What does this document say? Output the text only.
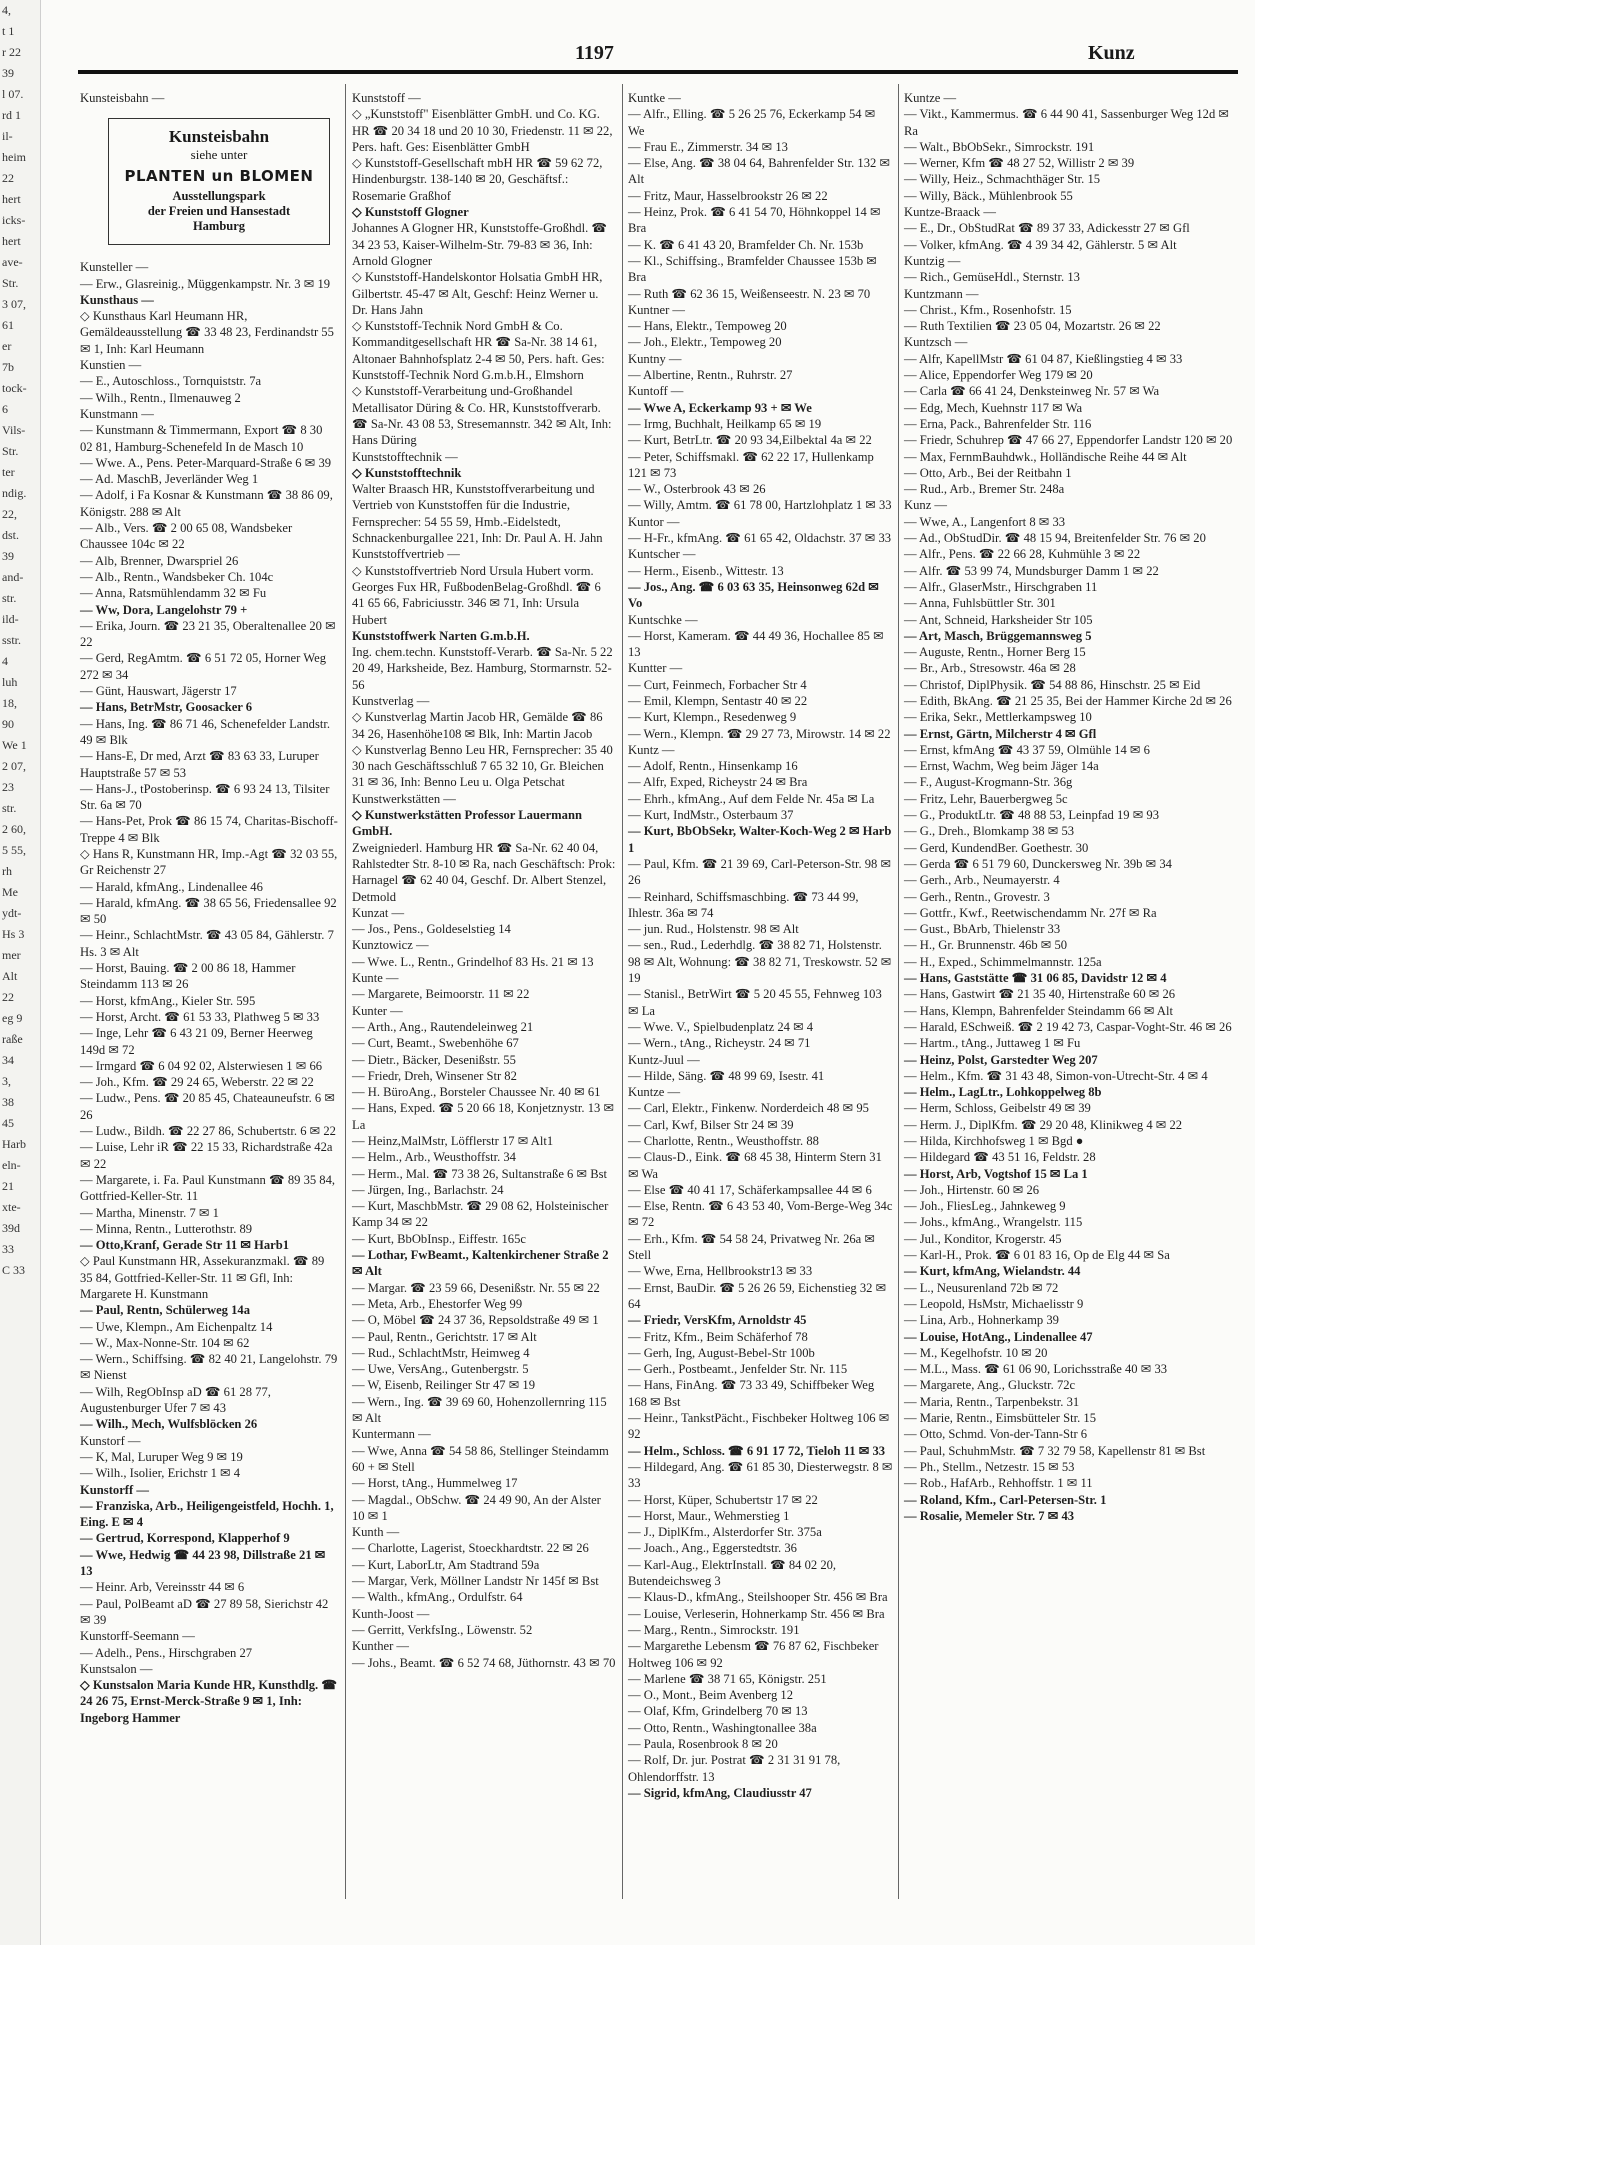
4,
t 1
r 22
39
l 07.
rd 1
il-
heim
22
hert
icks-
hert
ave-
Str.
3 07,
61
er
7b
tock-
6
Vils-
Str.
ter
ndig.
22,
dst.
39
and-
str.
ild-
sstr.
4
luh
18,
90
We 1
2 07,
23
str.
2 60,
5 55,
rh
Me
ydt-
Hs 3
mer
Alt
22
eg 9
raße
34
3,
38
45
Harb
eln-
21
xte-
39d
33
C 33
1197	Kunz
Kunsteisbahn —
Kunsteisbahn
siehe unter
PLANTEN un BLOMEN
Ausstellungspark
der Freien und Hansestadt
Hamburg
Kunsteller —
— Erw., Glasreinig., Müggenkampstr. Nr. 3 ✉ 19
Kunsthaus —
◇ Kunsthaus Karl Heumann HR, Gemäldeausstellung ☎ 33 48 23, Ferdinandstr 55 ✉ 1, Inh: Karl Heumann
Kunstien —
— E., Autoschloss., Tornquiststr. 7a
— Wilh., Rentn., Ilmenauweg 2
Kunstmann —
— Kunstmann & Timmermann, Export ☎ 8 30 02 81, Hamburg-Schenefeld In de Masch 10
— Wwe. A., Pens. Peter-Marquard-Straße 6 ✉ 39
— Ad. MaschB, Jeverländer Weg 1
— Adolf, i Fa Kosnar & Kunstmann ☎ 38 86 09, Königstr. 288 ✉ Alt
— Alb., Vers. ☎ 2 00 65 08, Wandsbeker Chaussee 104c ✉ 22
— Alb, Brenner, Dwarspriel 26
— Alb., Rentn., Wandsbeker Ch. 104c
— Anna, Ratsmühlendamm 32 ✉ Fu
— Ww, Dora, Langelohstr 79 +
— Erika, Journ. ☎ 23 21 35, Oberaltenallee 20 ✉ 22
— Gerd, RegAmtm. ☎ 6 51 72 05, Horner Weg 272 ✉ 34
— Günt, Hauswart, Jägerstr 17
— Hans, BetrMstr, Goosacker 6
— Hans, Ing. ☎ 86 71 46, Schenefelder Landstr. 49 ✉ Blk
— Hans-E, Dr med, Arzt ☎ 83 63 33, Luruper Hauptstraße 57 ✉ 53
— Hans-J., tPostoberinsp. ☎ 6 93 24 13, Tilsiter Str. 6a ✉ 70
— Hans-Pet, Prok ☎ 86 15 74, Charitas-Bischoff-Treppe 4 ✉ Blk
◇ Hans R, Kunstmann HR, Imp.-Agt ☎ 32 03 55, Gr Reichenstr 27
— Harald, kfmAng., Lindenallee 46
— Harald, kfmAng. ☎ 38 65 56, Friedensallee 92 ✉ 50
— Heinr., SchlachtMstr. ☎ 43 05 84, Gählerstr. 7 Hs. 3 ✉ Alt
— Horst, Bauing. ☎ 2 00 86 18, Hammer Steindamm 113 ✉ 26
— Horst, kfmAng., Kieler Str. 595
— Horst, Archt. ☎ 61 53 33, Plathweg 5 ✉ 33
— Inge, Lehr ☎ 6 43 21 09, Berner Heerweg 149d ✉ 72
— Irmgard ☎ 6 04 92 02, Alsterwiesen 1 ✉ 66
— Joh., Kfm. ☎ 29 24 65, Weberstr. 22 ✉ 22
— Ludw., Pens. ☎ 20 85 45, Chateauneufstr. 6 ✉ 26
— Ludw., Bildh. ☎ 22 27 86, Schubertstr. 6 ✉ 22
— Luise, Lehr iR ☎ 22 15 33, Richardstraße 42a ✉ 22
— Margarete, i. Fa. Paul Kunstmann ☎ 89 35 84, Gottfried-Keller-Str. 11
— Martha, Minenstr. 7 ✉ 1
— Minna, Rentn., Lutterothstr. 89
— Otto,Kranf, Gerade Str 11 ✉ Harb1
◇ Paul Kunstmann HR, Assekuranzmakl. ☎ 89 35 84, Gottfried-Keller-Str. 11 ✉ Gfl, Inh: Margarete H. Kunstmann
— Paul, Rentn, Schülerweg 14a
— Uwe, Klempn., Am Eichenpaltz 14
— W., Max-Nonne-Str. 104 ✉ 62
— Wern., Schiffsing. ☎ 82 40 21, Langelohstr. 79 ✉ Nienst
— Wilh, RegObInsp aD ☎ 61 28 77, Augustenburger Ufer 7 ✉ 43
— Wilh., Mech, Wulfsblöcken 26
Kunstorf —
— K, Mal, Luruper Weg 9 ✉ 19
— Wilh., Isolier, Erichstr 1 ✉ 4
Kunstorff —
— Franziska, Arb., Heiligengeistfeld, Hochh. 1, Eing. E ✉ 4
— Gertrud, Korrespond, Klapperhof 9
— Wwe, Hedwig ☎ 44 23 98, Dillstraße 21 ✉ 13
— Heinr. Arb, Vereinsstr 44 ✉ 6
— Paul, PolBeamt aD ☎ 27 89 58, Sierichstr 42 ✉ 39
Kunstorff-Seemann —
— Adelh., Pens., Hirschgraben 27
Kunstsalon —
◇ Kunstsalon Maria Kunde HR, Kunsthdlg. ☎ 24 26 75, Ernst-Merck-Straße 9 ✉ 1, Inh: Ingeborg Hammer
Kunststoff —
◇ „Kunststoff" Eisenblätter GmbH. und Co. KG. HR ☎ 20 34 18 und 20 10 30, Friedenstr. 11 ✉ 22, Pers. haft. Ges: Eisenblätter GmbH
◇ Kunststoff-Gesellschaft mbH HR ☎ 59 62 72, Hindenburgstr. 138-140 ✉ 20, Geschäftsf.: Rosemarie Graßhof
◇ Kunststoff Glogner
Johannes A Glogner HR, Kunststoffe-Großhdl. ☎ 34 23 53, Kaiser-Wilhelm-Str. 79-83 ✉ 36, Inh: Arnold Glogner
◇ Kunststoff-Handelskontor Holsatia GmbH HR, Gilbertstr. 45-47 ✉ Alt, Geschf: Heinz Werner u. Dr. Hans Jahn
◇ Kunststoff-Technik Nord GmbH & Co. Kommanditgesellschaft HR ☎ Sa-Nr. 38 14 61, Altonaer Bahnhofsplatz 2-4 ✉ 50, Pers. haft. Ges: Kunststoff-Technik Nord G.m.b.H., Elmshorn
◇ Kunststoff-Verarbeitung und-Großhandel Metallisator Düring & Co. HR, Kunststoffverarb. ☎ Sa-Nr. 43 08 53, Stresemannstr. 342 ✉ Alt, Inh: Hans Düring
Kunststofftechnik —
◇ Kunststofftechnik
Walter Braasch HR, Kunststoffverarbeitung und Vertrieb von Kunststoffen für die Industrie, Fernsprecher: 54 55 59, Hmb.-Eidelstedt, Schnackenburgallee 221, Inh: Dr. Paul A. H. Jahn
Kunststoffvertrieb —
◇ Kunststoffvertrieb Nord Ursula Hubert vorm. Georges Fux HR, FußbodenBelag-Großhdl. ☎ 6 41 65 66, Fabriciusstr. 346 ✉ 71, Inh: Ursula Hubert
Kunststoffwerk Narten G.m.b.H.
Ing. chem.techn. Kunststoff-Verarb. ☎ Sa-Nr. 5 22 20 49, Harksheide, Bez. Hamburg, Stormarnstr. 52-56
Kunstverlag —
◇ Kunstverlag Martin Jacob HR, Gemälde ☎ 86 34 26, Hasenhöhe108 ✉ Blk, Inh: Martin Jacob
◇ Kunstverlag Benno Leu HR, Fernsprecher: 35 40 30 nach Geschäftsschluß 7 65 32 10, Gr. Bleichen 31 ✉ 36, Inh: Benno Leu u. Olga Petschat
Kunstwerkstätten —
◇ Kunstwerkstätten Professor Lauermann GmbH.
Zweigniederl. Hamburg HR ☎ Sa-Nr. 62 40 04, Rahlstedter Str. 8-10 ✉ Ra, nach Geschäftsch: Prok: Harnagel ☎ 62 40 04, Geschf. Dr. Albert Stenzel, Detmold
Kunzat —
— Jos., Pens., Goldeselstieg 14
Kunztowicz —
— Wwe. L., Rentn., Grindelhof 83 Hs. 21 ✉ 13
Kunte —
— Margarete, Beimoorstr. 11 ✉ 22
Kunter —
— Arth., Ang., Rautendeleinweg 21
— Curt, Beamt., Swebenhöhe 67
— Dietr., Bäcker, Desenißstr. 55
— Friedr, Dreh, Winsener Str 82
— H. BüroAng., Borsteler Chaussee Nr. 40 ✉ 61
— Hans, Exped. ☎ 5 20 66 18, Konjetznystr. 13 ✉ La
— Heinz,MalMstr, Löfflerstr 17 ✉ Alt1
— Helm., Arb., Weusthoffstr. 34
— Herm., Mal. ☎ 73 38 26, Sultanstraße 6 ✉ Bst
— Jürgen, Ing., Barlachstr. 24
— Kurt, MaschbMstr. ☎ 29 08 62, Holsteinischer Kamp 34 ✉ 22
— Kurt, BbObInsp., Eiffestr. 165c
— Lothar, FwBeamt., Kaltenkirchener Straße 2 ✉ Alt
— Margar. ☎ 23 59 66, Desenißstr. Nr. 55 ✉ 22
— Meta, Arb., Ehestorfer Weg 99
— O, Möbel ☎ 24 37 36, Repsoldstraße 49 ✉ 1
— Paul, Rentn., Gerichtstr. 17 ✉ Alt
— Rud., SchlachtMstr, Heimweg 4
— Uwe, VersAng., Gutenbergstr. 5
— W, Eisenb, Reilinger Str 47 ✉ 19
— Wern., Ing. ☎ 39 69 60, Hohenzollernring 115 ✉ Alt
Kuntermann —
— Wwe, Anna ☎ 54 58 86, Stellinger Steindamm 60 + ✉ Stell
— Horst, tAng., Hummelweg 17
— Magdal., ObSchw. ☎ 24 49 90, An der Alster 10 ✉ 1
Kunth —
— Charlotte, Lagerist, Stoeckhardtstr. 22 ✉ 26
— Kurt, LaborLtr, Am Stadtrand 59a
— Margar, Verk, Möllner Landstr Nr 145f ✉ Bst
— Walth., kfmAng., Ordulfstr. 64
Kunth-Joost —
— Gerritt, VerkfsIng., Löwenstr. 52
Kunther —
— Johs., Beamt. ☎ 6 52 74 68, Jüthornstr. 43 ✉ 70
Kuntke —
— Alfr., Elling. ☎ 5 26 25 76, Eckerkamp 54 ✉ We
— Frau E., Zimmerstr. 34 ✉ 13
— Else, Ang. ☎ 38 04 64, Bahrenfelder Str. 132 ✉ Alt
— Fritz, Maur, Hasselbrookstr 26 ✉ 22
— Heinz, Prok. ☎ 6 41 54 70, Höhnkoppel 14 ✉ Bra
— K. ☎ 6 41 43 20, Bramfelder Ch. Nr. 153b
— Kl., Schiffsing., Bramfelder Chaussee 153b ✉ Bra
— Ruth ☎ 62 36 15, Weißenseestr. N. 23 ✉ 70
Kuntner —
— Hans, Elektr., Tempoweg 20
— Joh., Elektr., Tempoweg 20
Kuntny —
— Albertine, Rentn., Ruhrstr. 27
Kuntoff —
— Wwe A, Eckerkamp 93 + ✉ We
— Irmg, Buchhalt, Heilkamp 65 ✉ 19
— Kurt, BetrLtr. ☎ 20 93 34,Eilbektal 4a ✉ 22
— Peter, Schiffsmakl. ☎ 62 22 17, Hullenkamp 121 ✉ 73
— W., Osterbrook 43 ✉ 26
— Willy, Amtm. ☎ 61 78 00, Hartzlohplatz 1 ✉ 33
Kuntor —
— H-Fr., kfmAng. ☎ 61 65 42, Oldachstr. 37 ✉ 33
Kuntscher —
— Herm., Eisenb., Wittestr. 13
— Jos., Ang. ☎ 6 03 63 35, Heinsonweg 62d ✉ Vo
Kuntschke —
— Horst, Kameram. ☎ 44 49 36, Hochallee 85 ✉ 13
Kuntter —
— Curt, Feinmech, Forbacher Str 4
— Emil, Klempn, Sentastr 40 ✉ 22
— Kurt, Klempn., Resedenweg 9
— Wern., Klempn. ☎ 29 27 73, Mirowstr. 14 ✉ 22
Kuntz —
— Adolf, Rentn., Hinsenkamp 16
— Alfr, Exped, Richeystr 24 ✉ Bra
— Ehrh., kfmAng., Auf dem Felde Nr. 45a ✉ La
— Kurt, IndMstr., Osterbaum 37
— Kurt, BbObSekr, Walter-Koch-Weg 2 ✉ Harb 1
— Paul, Kfm. ☎ 21 39 69, Carl-Peterson-Str. 98 ✉ 26
— Reinhard, Schiffsmaschbing. ☎ 73 44 99, Ihlestr. 36a ✉ 74
— jun. Rud., Holstenstr. 98 ✉ Alt
— sen., Rud., Lederhdlg. ☎ 38 82 71, Holstenstr. 98 ✉ Alt, Wohnung: ☎ 38 82 71, Treskowstr. 52 ✉ 19
— Stanisl., BetrWirt ☎ 5 20 45 55, Fehnweg 103 ✉ La
— Wwe. V., Spielbudenplatz 24 ✉ 4
— Wern., tAng., Richeystr. 24 ✉ 71
Kuntz-Juul —
— Hilde, Säng. ☎ 48 99 69, Isestr. 41
Kuntze —
— Carl, Elektr., Finkenw. Norderdeich 48 ✉ 95
— Carl, Kwf, Bilser Str 24 ✉ 39
— Charlotte, Rentn., Weusthoffstr. 88
— Claus-D., Eink. ☎ 68 45 38, Hinterm Stern 31 ✉ Wa
— Else ☎ 40 41 17, Schäferkampsallee 44 ✉ 6
— Else, Rentn. ☎ 6 43 53 40, Vom-Berge-Weg 34c ✉ 72
— Erh., Kfm. ☎ 54 58 24, Privatweg Nr. 26a ✉ Stell
— Wwe, Erna, Hellbrookstr13 ✉ 33
— Ernst, BauDir. ☎ 5 26 26 59, Eichenstieg 32 ✉ 64
— Friedr, VersKfm, Arnoldstr 45
— Fritz, Kfm., Beim Schäferhof 78
— Gerh, Ing, August-Bebel-Str 100b
— Gerh., Postbeamt., Jenfelder Str. Nr. 115
— Hans, FinAng. ☎ 73 33 49, Schiffbeker Weg 168 ✉ Bst
— Heinr., TankstPächt., Fischbeker Holtweg 106 ✉ 92
— Helm., Schloss. ☎ 6 91 17 72, Tieloh 11 ✉ 33
— Hildegard, Ang. ☎ 61 85 30, Diesterwegstr. 8 ✉ 33
— Horst, Küper, Schubertstr 17 ✉ 22
— Horst, Maur., Wehmerstieg 1
— J., DiplKfm., Alsterdorfer Str. 375a
— Joach., Ang., Eggerstedtstr. 36
— Karl-Aug., ElektrInstall. ☎ 84 02 20, Butendeichsweg 3
— Klaus-D., kfmAng., Steilshooper Str. 456 ✉ Bra
— Louise, Verleserin, Hohnerkamp Str. 456 ✉ Bra
— Marg., Rentn., Simrockstr. 191
— Margarethe Lebensm ☎ 76 87 62, Fischbeker Holtweg 106 ✉ 92
— Marlene ☎ 38 71 65, Königstr. 251
— O., Mont., Beim Avenberg 12
— Olaf, Kfm, Grindelberg 70 ✉ 13
— Otto, Rentn., Washingtonallee 38a
— Paula, Rosenbrook 8 ✉ 20
— Rolf, Dr. jur. Postrat ☎ 2 31 31 91 78, Ohlendorffstr. 13
— Sigrid, kfmAng, Claudiusstr 47
Kuntze —
— Vikt., Kammermus. ☎ 6 44 90 41, Sassenburger Weg 12d ✉ Ra
— Walt., BbObSekr., Simrockstr. 191
— Werner, Kfm ☎ 48 27 52, Willistr 2 ✉ 39
— Willy, Heiz., Schmachthäger Str. 15
— Willy, Bäck., Mühlenbrook 55
Kuntze-Braack —
— E., Dr., ObStudRat ☎ 89 37 33, Adickesstr 27 ✉ Gfl
— Volker, kfmAng. ☎ 4 39 34 42, Gählerstr. 5 ✉ Alt
Kuntzig —
— Rich., GemüseHdl., Sternstr. 13
Kuntzmann —
— Christ., Kfm., Rosenhofstr. 15
— Ruth Textilien ☎ 23 05 04, Mozartstr. 26 ✉ 22
Kuntzsch —
— Alfr, KapellMstr ☎ 61 04 87, Kießlingstieg 4 ✉ 33
— Alice, Eppendorfer Weg 179 ✉ 20
— Carla ☎ 66 41 24, Denksteinweg Nr. 57 ✉ Wa
— Edg, Mech, Kuehnstr 117 ✉ Wa
— Erna, Pack., Bahrenfelder Str. 116
— Friedr, Schuhrep ☎ 47 66 27, Eppendorfer Landstr 120 ✉ 20
— Max, FernmBauhdwk., Holländische Reihe 44 ✉ Alt
— Otto, Arb., Bei der Reitbahn 1
— Rud., Arb., Bremer Str. 248a
Kunz —
— Wwe, A., Langenfort 8 ✉ 33
— Ad., ObStudDir. ☎ 48 15 94, Breitenfelder Str. 76 ✉ 20
— Alfr., Pens. ☎ 22 66 28, Kuhmühle 3 ✉ 22
— Alfr. ☎ 53 99 74, Mundsburger Damm 1 ✉ 22
— Alfr., GlaserMstr., Hirschgraben 11
— Anna, Fuhlsbüttler Str. 301
— Ant, Schneid, Harksheider Str 105
— Art, Masch, Brüggemannsweg 5
— Auguste, Rentn., Horner Berg 15
— Br., Arb., Stresowstr. 46a ✉ 28
— Christof, DiplPhysik. ☎ 54 88 86, Hinschstr. 25 ✉ Eid
— Edith, BkAng. ☎ 21 25 35, Bei der Hammer Kirche 2d ✉ 26
— Erika, Sekr., Mettlerkampsweg 10
— Ernst, Gärtn, Milcherstr 4 ✉ Gfl
— Ernst, kfmAng ☎ 43 37 59, Olmühle 14 ✉ 6
— Ernst, Wachm, Weg beim Jäger 14a
— F., August-Krogmann-Str. 36g
— Fritz, Lehr, Bauerbergweg 5c
— G., ProduktLtr. ☎ 48 88 53, Leinpfad 19 ✉ 93
— G., Dreh., Blomkamp 38 ✉ 53
— Gerd, KundendBer. Goethestr. 30
— Gerda ☎ 6 51 79 60, Dunckersweg Nr. 39b ✉ 34
— Gerh., Arb., Neumayerstr. 4
— Gerh., Rentn., Grovestr. 3
— Gottfr., Kwf., Reetwischendamm Nr. 27f ✉ Ra
— Gust., BbArb, Thielenstr 33
— H., Gr. Brunnenstr. 46b ✉ 50
— H., Exped., Schimmelmannstr. 125a
— Hans, Gaststätte ☎ 31 06 85, Davidstr 12 ✉ 4
— Hans, Gastwirt ☎ 21 35 40, Hirtenstraße 60 ✉ 26
— Hans, Klempn, Bahrenfelder Steindamm 66 ✉ Alt
— Harald, ESchweiß. ☎ 2 19 42 73, Caspar-Voght-Str. 46 ✉ 26
— Hartm., tAng., Juttaweg 1 ✉ Fu
— Heinz, Polst, Garstedter Weg 207
— Helm., Kfm. ☎ 31 43 48, Simon-von-Utrecht-Str. 4 ✉ 4
— Helm., LagLtr., Lohkoppelweg 8b
— Herm, Schloss, Geibelstr 49 ✉ 39
— Herm. J., DiplKfm. ☎ 29 20 48, Klinikweg 4 ✉ 22
— Hilda, Kirchhofsweg 1 ✉ Bgd ●
— Hildegard ☎ 43 51 16, Feldstr. 28
— Horst, Arb, Vogtshof 15 ✉ La 1
— Joh., Hirtenstr. 60 ✉ 26
— Joh., FliesLeg., Jahnkeweg 9
— Johs., kfmAng., Wrangelstr. 115
— Jul., Konditor, Krogerstr. 45
— Karl-H., Prok. ☎ 6 01 83 16, Op de Elg 44 ✉ Sa
— Kurt, kfmAng, Wielandstr. 44
— L., Neusurenland 72b ✉ 72
— Leopold, HsMstr, Michaelisstr 9
— Lina, Arb., Hohnerkamp 39
— Louise, HotAng., Lindenallee 47
— M., Kegelhofstr. 10 ✉ 20
— M.L., Mass. ☎ 61 06 90, Lorichsstraße 40 ✉ 33
— Margarete, Ang., Gluckstr. 72c
— Maria, Rentn., Tarpenbekstr. 31
— Marie, Rentn., Eimsbütteler Str. 15
— Otto, Schmd. Von-der-Tann-Str 6
— Paul, SchuhmMstr. ☎ 7 32 79 58, Kapellenstr 81 ✉ Bst
— Ph., Stellm., Netzestr. 15 ✉ 53
— Rob., HafArb., Rehhoffstr. 1 ✉ 11
— Roland, Kfm., Carl-Petersen-Str. 1
— Rosalie, Memeler Str. 7 ✉ 43
